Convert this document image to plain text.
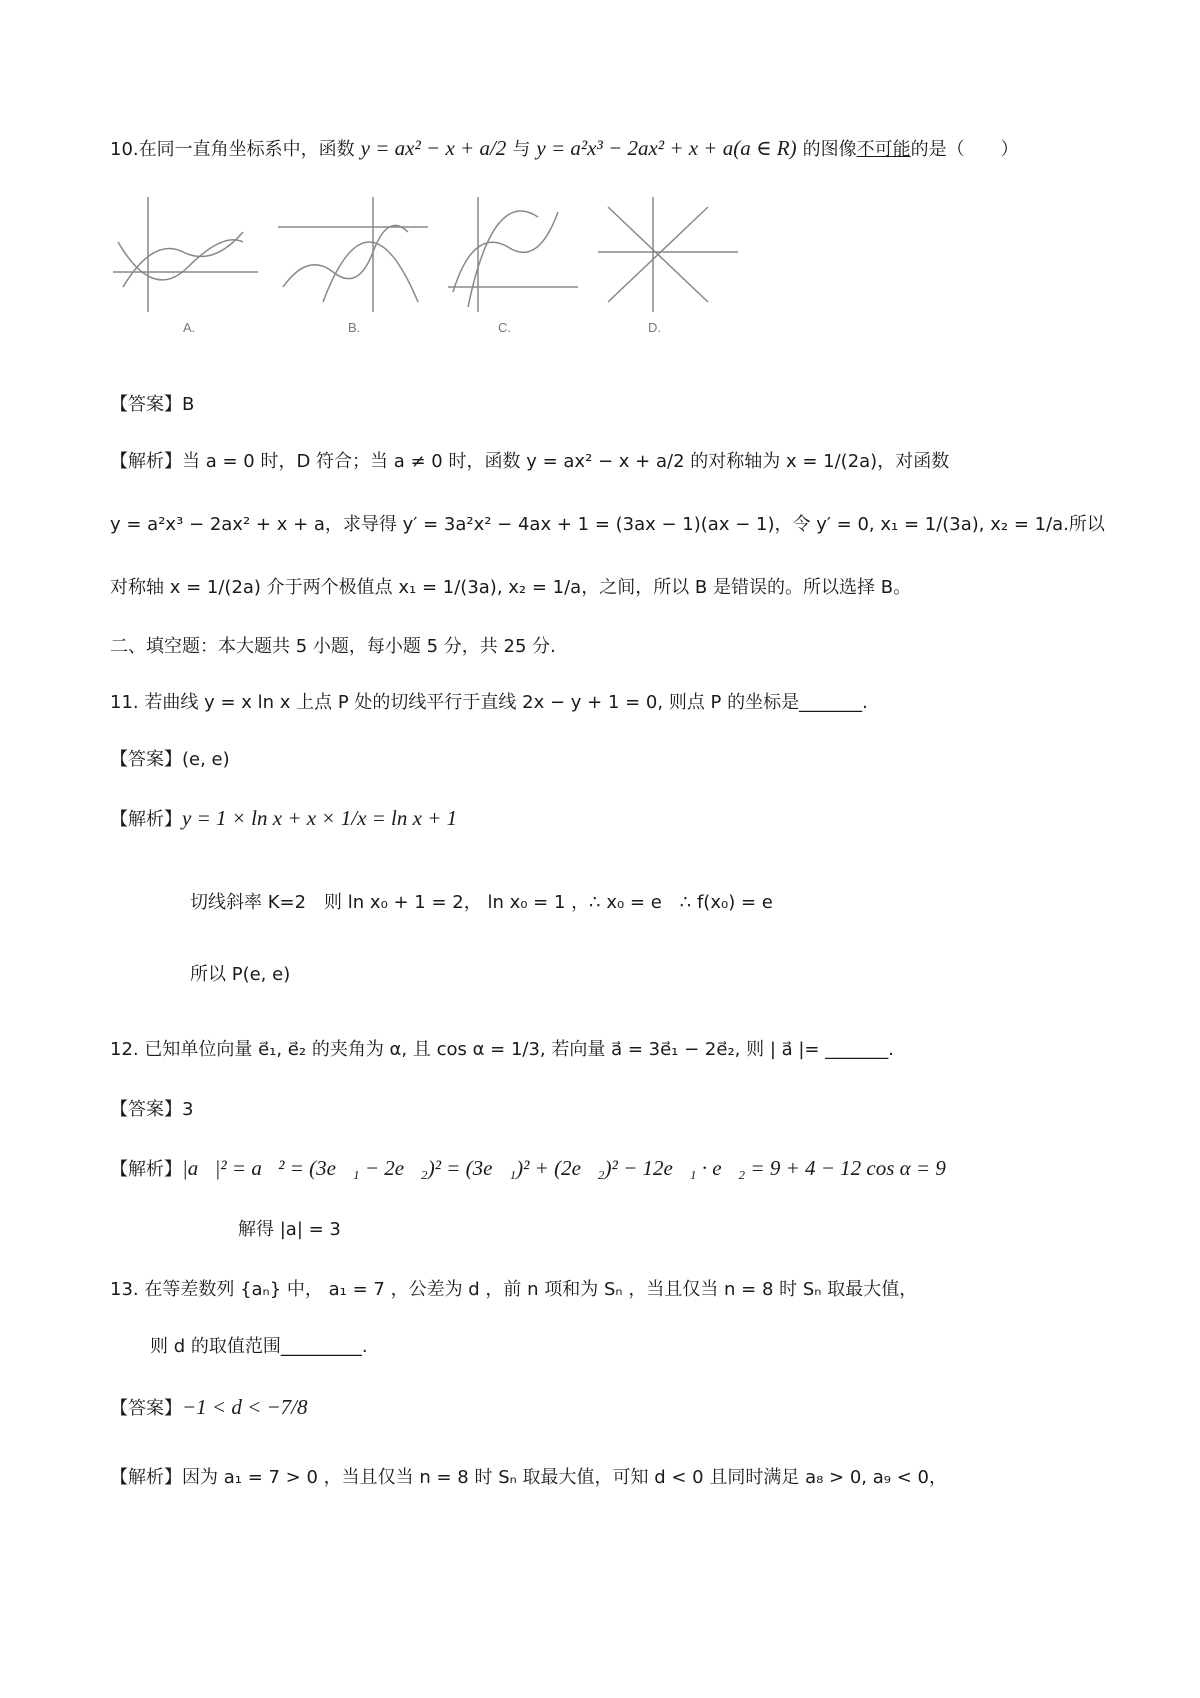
10.在同一直角坐标系中，函数 y = ax² − x + a/2 与 y = a²x³ − 2ax² + x + a(a ∈ R) 的图像不可能的是（　　）
A.	B.	C.	D.
【答案】B
【解析】当 a = 0 时，D 符合；当 a ≠ 0 时，函数 y = ax² − x + a/2 的对称轴为 x = 1/(2a)，对函数
y = a²x³ − 2ax² + x + a，求导得 y′ = 3a²x² − 4ax + 1 = (3ax − 1)(ax − 1)，令 y′ = 0, x₁ = 1/(3a), x₂ = 1/a.所以
对称轴 x = 1/(2a) 介于两个极值点 x₁ = 1/(3a), x₂ = 1/a，之间，所以 B 是错误的。所以选择 B。
二、填空题：本大题共 5 小题，每小题 5 分，共 25 分.
11. 若曲线 y = x ln x 上点 P 处的切线平行于直线 2x − y + 1 = 0, 则点 P 的坐标是_______.
【答案】(e, e)
【解析】y = 1 × ln x + x × 1/x = ln x + 1
切线斜率 K=2　则 ln x₀ + 1 = 2， ln x₀ = 1 ，∴ x₀ = e　∴ f(x₀) = e
所以 P(e, e)
12. 已知单位向量 e⃗₁, e⃗₂ 的夹角为 α, 且 cos α = 1/3, 若向量 a⃗ = 3e⃗₁ − 2e⃗₂, 则 | a⃗ |= _______.
【答案】3
【解析】|a⃗|² = a⃗² = (3e⃗₁ − 2e⃗₂)² = (3e⃗₁)² + (2e⃗₂)² − 12e⃗₁ · e⃗₂ = 9 + 4 − 12 cos α = 9
解得 |a| = 3
13. 在等差数列 {aₙ} 中， a₁ = 7 ，公差为 d ，前 n 项和为 Sₙ ，当且仅当 n = 8 时 Sₙ 取最大值，
则 d 的取值范围_________.
【答案】−1 < d < −7/8
【解析】因为 a₁ = 7 > 0 ，当且仅当 n = 8 时 Sₙ 取最大值，可知 d < 0 且同时满足 a₈ > 0, a₉ < 0，
